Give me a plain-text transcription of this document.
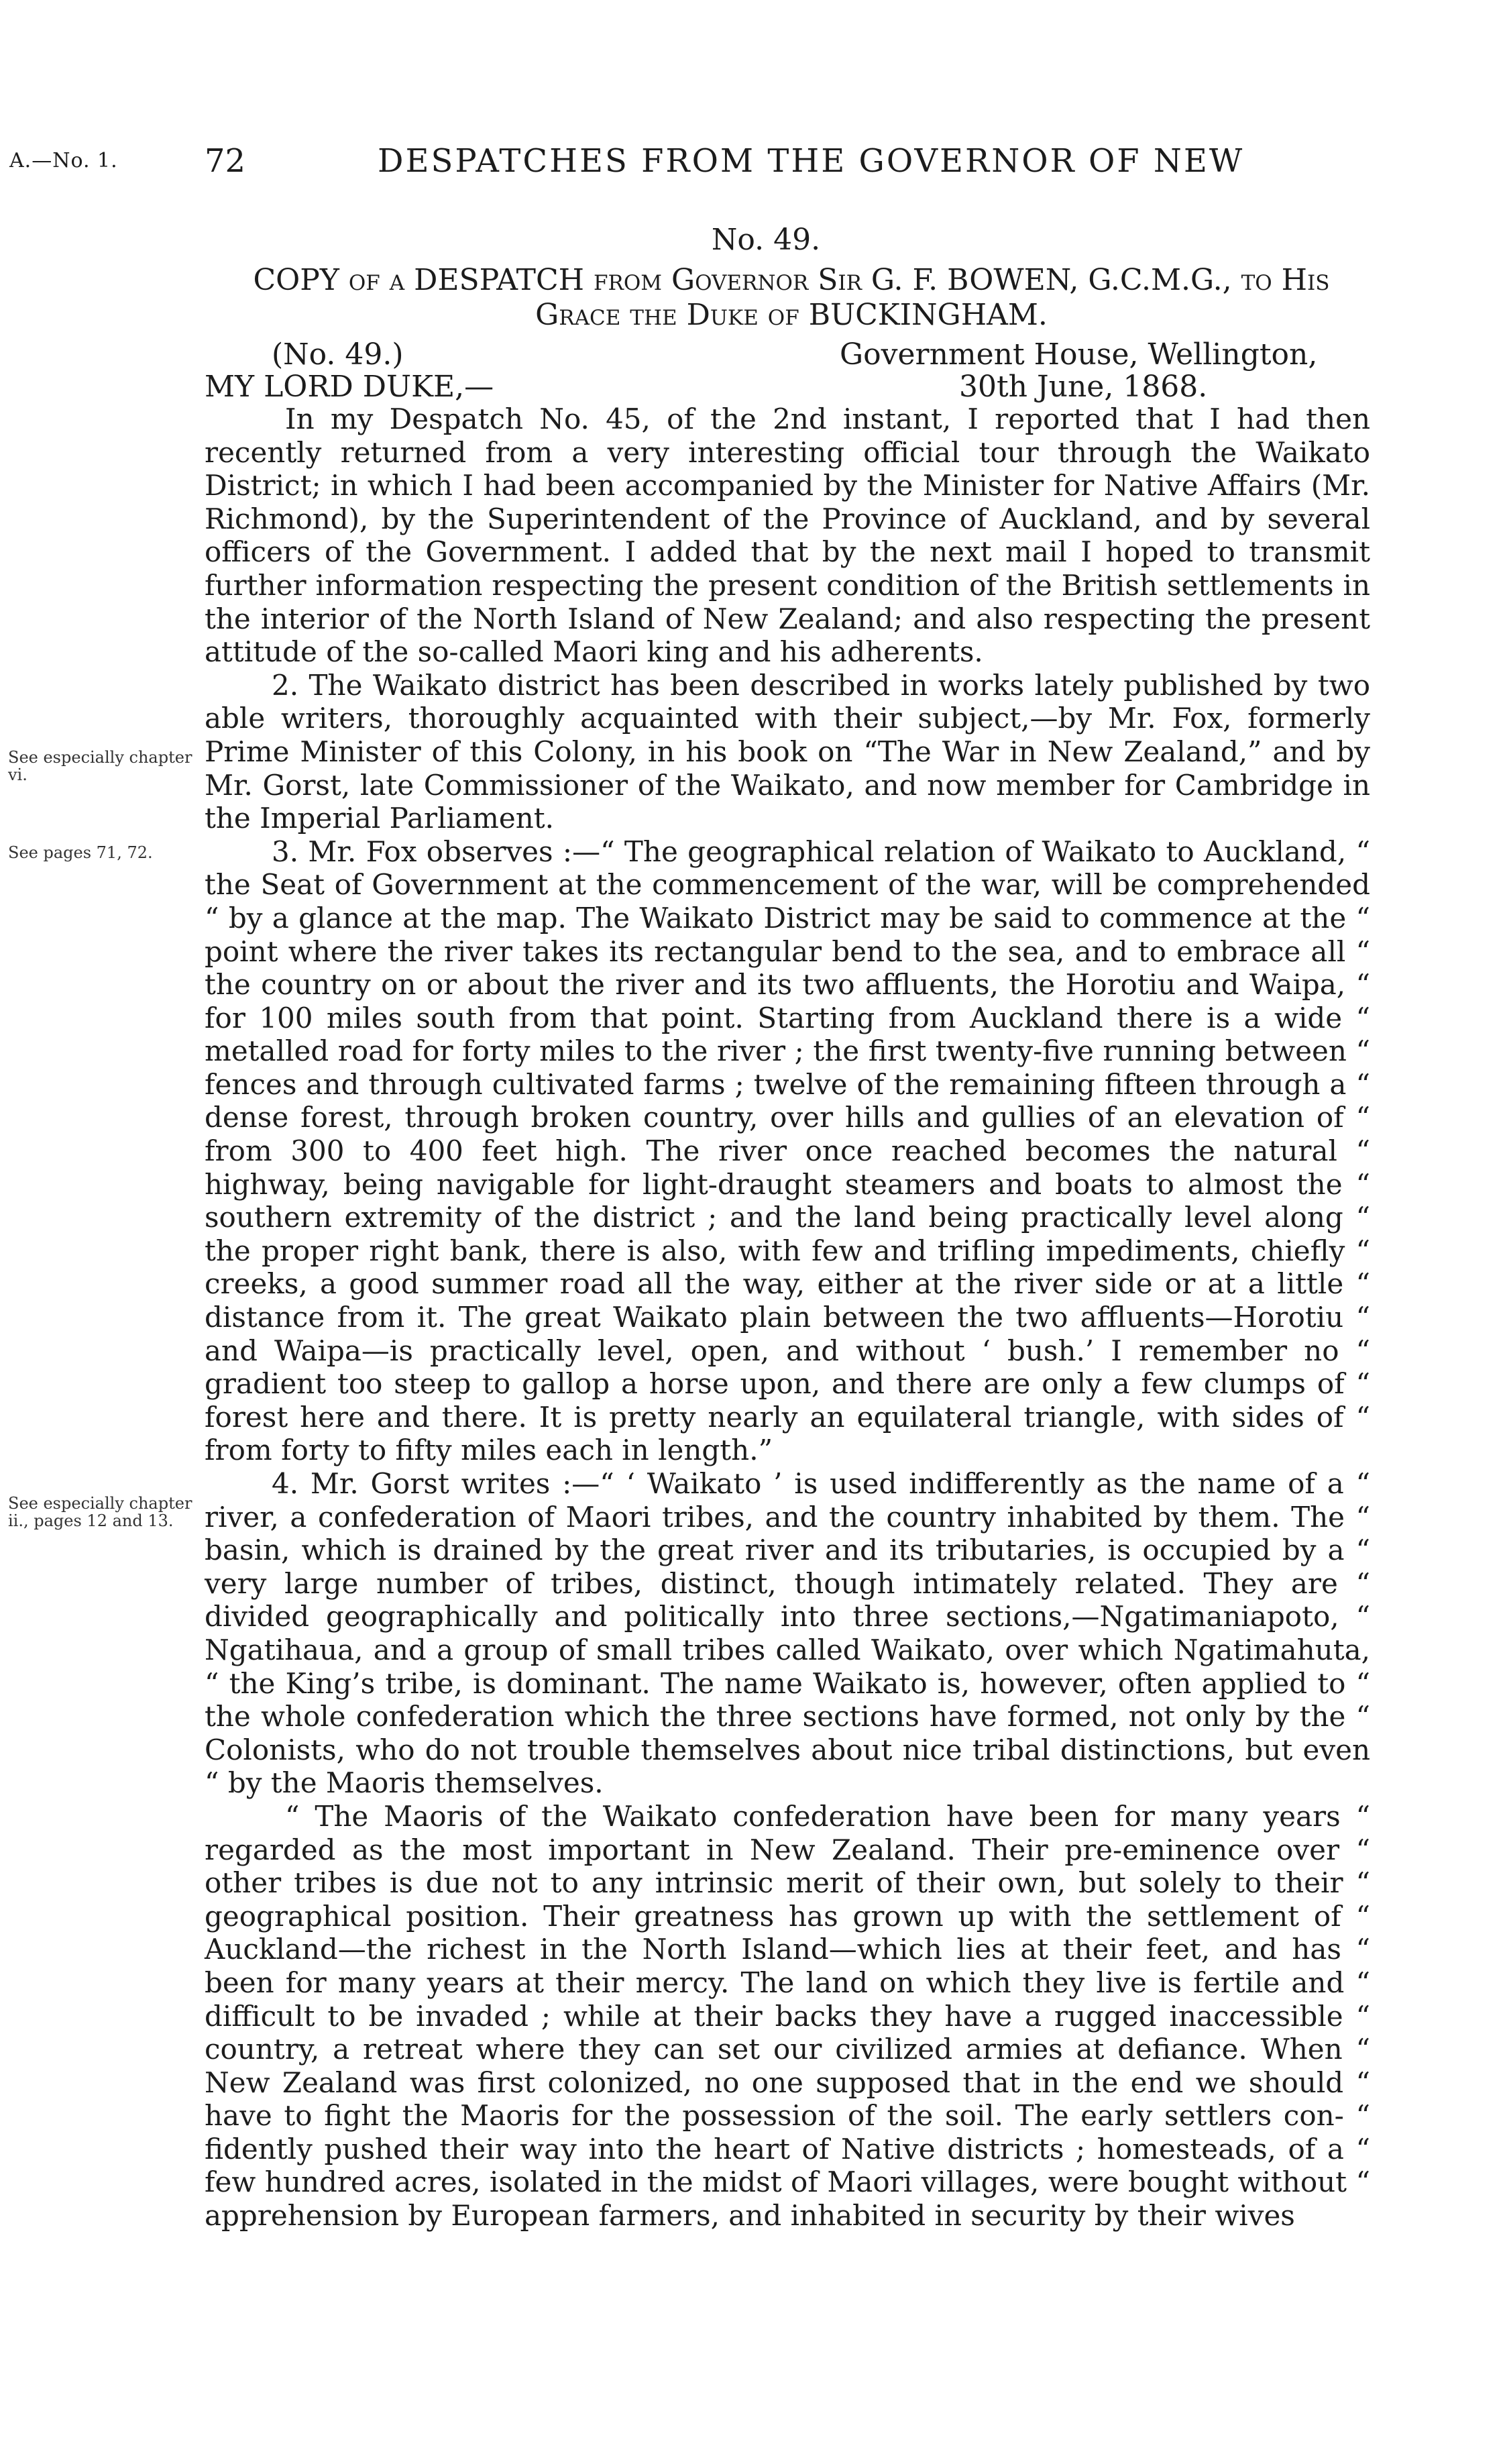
A.—No. 1.	72	DESPATCHES FROM THE GOVERNOR OF NEW
No. 49.
COPY of a DESPATCH from Governor Sir G. F. BOWEN, G.C.M.G., to His
Grace the Duke of BUCKINGHAM.
(No. 49.)	Government House, Wellington,
MY LORD DUKE,—	30th June, 1868.
See especially chapter vi.
See pages 71, 72.
See especially chapter ii., pages 12 and 13.

In my Despatch No. 45, of the 2nd instant, I reported that I had then recently returned from a very interesting official tour through the Waikato District; in which I had been accompanied by the Minister for Native Affairs (Mr. Richmond), by the Superintendent of the Province of Auckland, and by several officers of the Government. I added that by the next mail I hoped to transmit further information respecting the present condition of the British settlements in the interior of the North Island of New Zealand; and also respecting the present attitude of the so-called Maori king and his adherents.

2. The Waikato district has been described in works lately published by two able writers, thoroughly acquainted with their subject,—by Mr. Fox, formerly Prime Minister of this Colony, in his book on “The War in New Zealand,” and by Mr. Gorst, late Commissioner of the Waikato, and now member for Cambridge in the Imperial Parliament.

3. Mr. Fox observes :—“ The geographical relation of Waikato to Auckland, “ the Seat of Government at the commencement of the war, will be comprehended “ by a glance at the map. The Waikato District may be said to commence at the “ point where the river takes its rectangular bend to the sea, and to embrace all “ the country on or about the river and its two affluents, the Horotiu and Waipa, “ for 100 miles south from that point. Starting from Auckland there is a wide “ metalled road for forty miles to the river ; the first twenty-five running between “ fences and through cultivated farms ; twelve of the remaining fifteen through a “ dense forest, through broken country, over hills and gullies of an elevation of “ from 300 to 400 feet high. The river once reached becomes the natural “ highway, being navigable for light-draught steamers and boats to almost the “ southern extremity of the district ; and the land being practically level along “ the proper right bank, there is also, with few and trifling impediments, chiefly “ creeks, a good summer road all the way, either at the river side or at a little “ distance from it. The great Waikato plain between the two affluents—Horotiu “ and Waipa—is practically level, open, and without ‘ bush.’ I remember no “ gradient too steep to gallop a horse upon, and there are only a few clumps of “ forest here and there. It is pretty nearly an equilateral triangle, with sides of “ from forty to fifty miles each in length.”

4. Mr. Gorst writes :—“ ‘ Waikato ’ is used indifferently as the name of a “ river, a confederation of Maori tribes, and the country inhabited by them. The “ basin, which is drained by the great river and its tributaries, is occupied by a “ very large number of tribes, distinct, though intimately related. They are “ divided geographically and politically into three sections,—Ngatimaniapoto, “ Ngatihaua, and a group of small tribes called Waikato, over which Ngatimahuta, “ the King’s tribe, is dominant. The name Waikato is, however, often applied to “ the whole confederation which the three sections have formed, not only by the “ Colonists, who do not trouble themselves about nice tribal distinctions, but even “ by the Maoris themselves.

“ The Maoris of the Waikato confederation have been for many years “ regarded as the most important in New Zealand. Their pre-eminence over “ other tribes is due not to any intrinsic merit of their own, but solely to their “ geographical position. Their greatness has grown up with the settlement of “ Auckland—the richest in the North Island—which lies at their feet, and has “ been for many years at their mercy. The land on which they live is fertile and “ difficult to be invaded ; while at their backs they have a rugged inaccessible “ country, a retreat where they can set our civilized armies at defiance. When “ New Zealand was first colonized, no one supposed that in the end we should “ have to fight the Maoris for the possession of the soil. The early settlers con- “ fidently pushed their way into the heart of Native districts ; homesteads, of a “ few hundred acres, isolated in the midst of Maori villages, were bought without “ apprehension by European farmers, and inhabited in security by their wives
